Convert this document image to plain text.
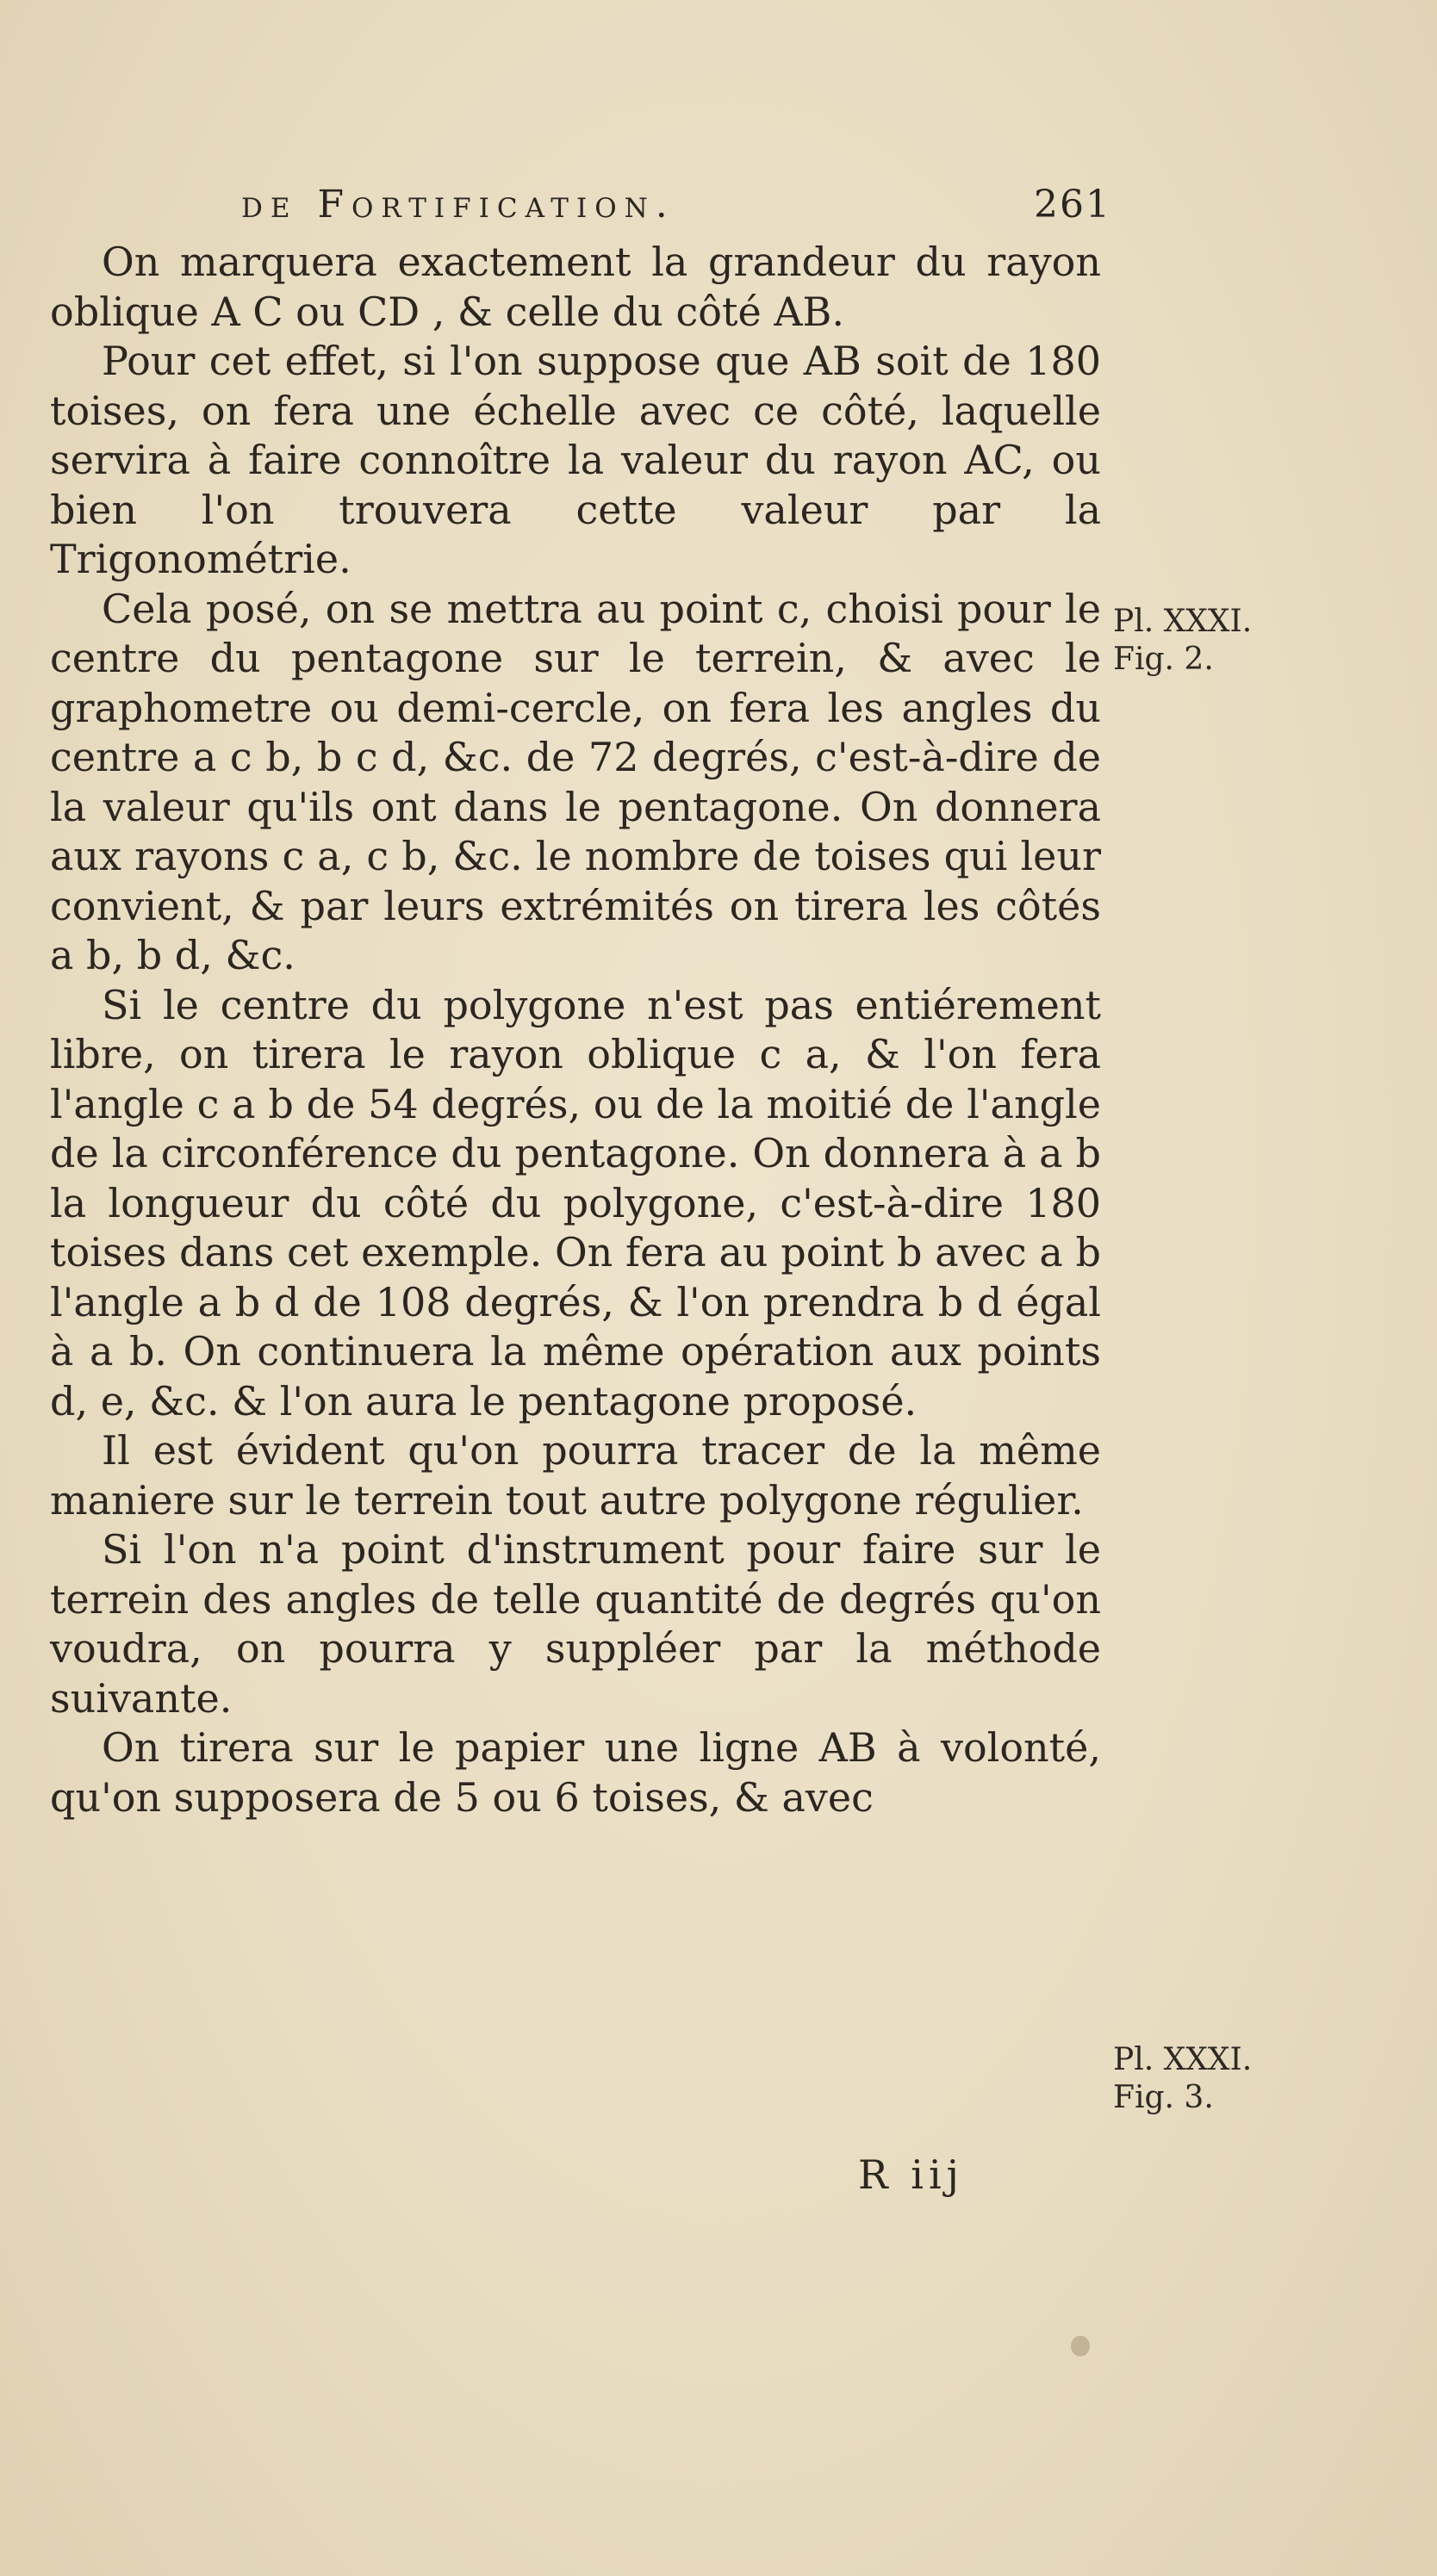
de Fortification.	261

On marquera exactement la grandeur du rayon oblique A C ou CD , & celle du côté AB.

Pour cet effet, si l'on suppose que AB soit de 180 toises, on fera une échelle avec ce côté, laquelle servira à faire connoître la valeur du rayon AC, ou bien l'on trouvera cette valeur par la Trigonométrie.

Cela posé, on se mettra au point c, choisi pour le centre du pentagone sur le terrein, & avec le graphometre ou demi-cercle, on fera les angles du centre a c b, b c d, &c. de 72 degrés, c'est-à-dire de la valeur qu'ils ont dans le pentagone. On donnera aux rayons c a, c b, &c. le nombre de toises qui leur convient, & par leurs extrémités on tirera les côtés a b, b d, &c.

Si le centre du polygone n'est pas entiérement libre, on tirera le rayon oblique c a, & l'on fera l'angle c a b de 54 degrés, ou de la moitié de l'angle de la circonférence du pentagone. On donnera à a b la longueur du côté du polygone, c'est-à-dire 180 toises dans cet exemple. On fera au point b avec a b l'angle a b d de 108 degrés, & l'on prendra b d égal à a b. On continuera la même opération aux points d, e, &c. & l'on aura le pentagone proposé.

Il est évident qu'on pourra tracer de la même maniere sur le terrein tout autre polygone régulier.

Si l'on n'a point d'instrument pour faire sur le terrein des angles de telle quantité de degrés qu'on voudra, on pourra y suppléer par la méthode suivante.

On tirera sur le papier une ligne AB à volonté, qu'on supposera de 5 ou 6 toises, & avec

Pl. XXXI.
Fig. 2.
Pl. XXXI.
Fig. 3.
R iij
